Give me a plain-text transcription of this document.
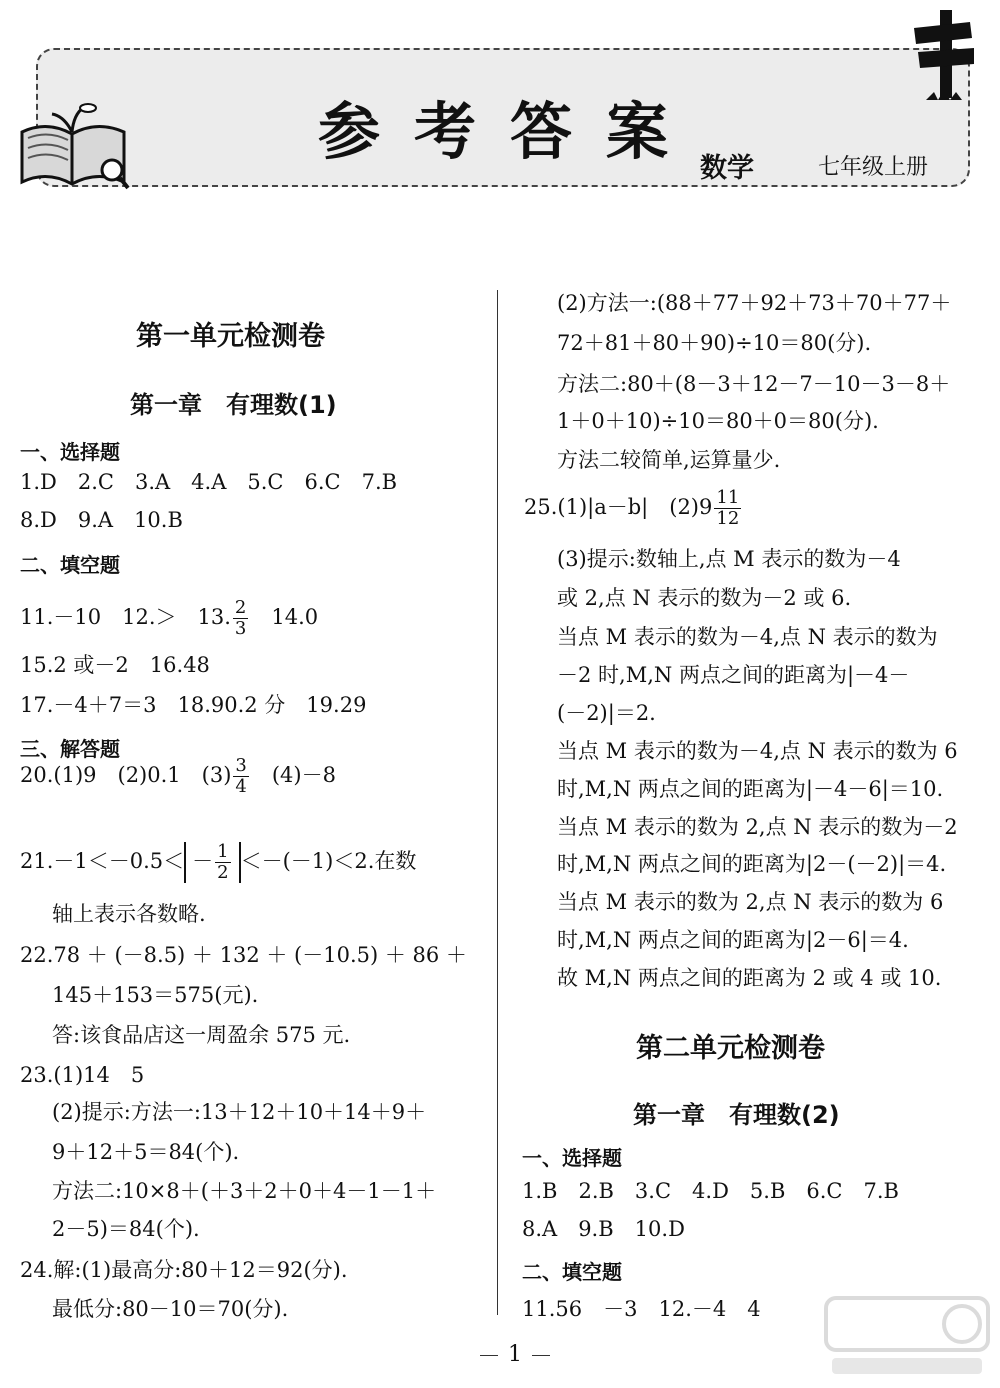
参考答案
数学	七年级上册
第一单元检测卷
第一章　有理数(1)
一、选择题
1.D　2.C　3.A　4.A　5.C　6.C　7.B
8.D　9.A　10.B
二、填空题
11.－10　12.＞　13. $\frac{2}{3}$ 　14.0
15.2 或－2　16.48
17.－4＋7＝3　18.90.2 分　19.29
三、解答题
20.(1)9　(2)0.1　$(3) \frac{3}{4}$ 　(4)－8
$21.-1<-0.5< - \frac{1}{2} <-(-1)<2$.在数
轴上表示各数略.
22.78 ＋ (－8.5) ＋ 132 ＋ (－10.5) ＋ 86 ＋
145＋153＝575(元).
答:该食品店这一周盈余 575 元.
23.(1)14　5
(2)提示:方法一:13＋12＋10＋14＋9＋
9＋12＋5＝84(个).
方法二:10×8＋(＋3＋2＋0＋4－1－1＋
2－5)＝84(个).
24.解:(1)最高分:80＋12＝92(分).
最低分:80－10＝70(分).
(2)方法一:(88＋77＋92＋73＋70＋77＋
72＋81＋80＋90)÷10＝80(分).
方法二:80＋(8－3＋12－7－10－3－8＋
1＋0＋10)÷10＝80＋0＝80(分).
方法二较简单,运算量少.
25.(1)|a－b|　$(2)9 \frac{11}{12}$
(3)提示:数轴上,点 M 表示的数为－4
或 2,点 N 表示的数为－2 或 6.
当点 M 表示的数为－4,点 N 表示的数为
－2 时,M,N 两点之间的距离为|－4－
(－2)|＝2.
当点 M 表示的数为－4,点 N 表示的数为 6
时,M,N 两点之间的距离为|－4－6|＝10.
当点 M 表示的数为 2,点 N 表示的数为－2
时,M,N 两点之间的距离为|2－(－2)|＝4.
当点 M 表示的数为 2,点 N 表示的数为 6
时,M,N 两点之间的距离为|2－6|＝4.
故 M,N 两点之间的距离为 2 或 4 或 10.
第二单元检测卷
第一章　有理数(2)
一、选择题
1.B　2.B　3.C　4.D　5.B　6.C　7.B
8.A　9.B　10.D
二、填空题
11.56　－3　12.－4　4
1
